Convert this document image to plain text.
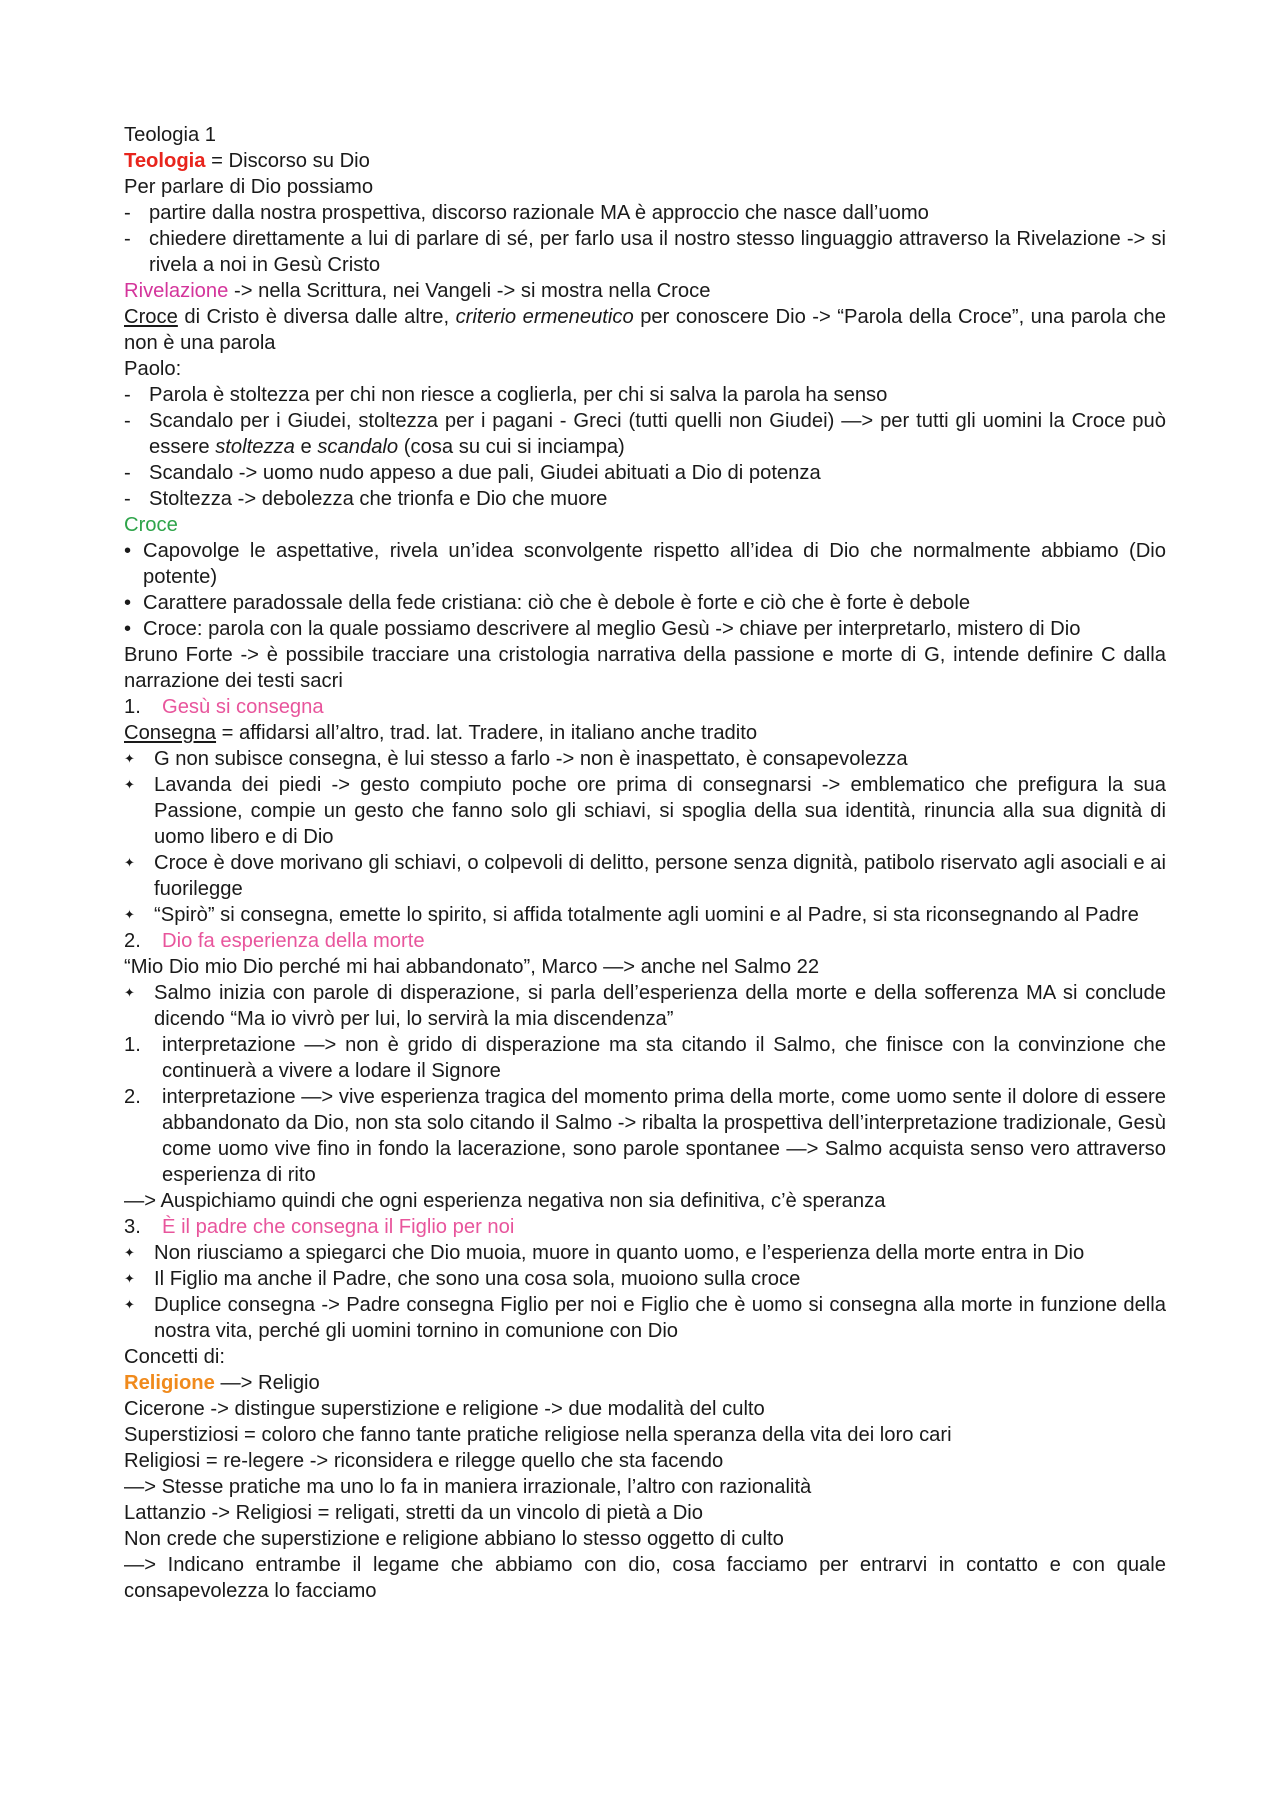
Teologia 1

Teologia = Discorso su Dio

Per parlare di Dio possiamo

- partire dalla nostra prospettiva, discorso razionale MA è approccio che nasce dall’uomo
- chiedere direttamente a lui di parlare di sé, per farlo usa il nostro stesso linguaggio attraverso la Rivelazione -> si rivela a noi in Gesù Cristo

Rivelazione -> nella Scrittura, nei Vangeli -> si mostra nella Croce

Croce di Cristo è diversa dalle altre, criterio ermeneutico per conoscere Dio -> “Parola della Croce”, una parola che non è una parola

Paolo:

- Parola è stoltezza per chi non riesce a coglierla, per chi si salva la parola ha senso
- Scandalo per i Giudei, stoltezza per i pagani - Greci (tutti quelli non Giudei) —> per tutti gli uomini la Croce può essere stoltezza e scandalo (cosa su cui si inciampa)
- Scandalo -> uomo nudo appeso a due pali, Giudei abituati a Dio di potenza
- Stoltezza -> debolezza che trionfa e Dio che muore

Croce

• Capovolge le aspettative, rivela un’idea sconvolgente rispetto all’idea di Dio che normalmente abbiamo (Dio potente)
• Carattere paradossale della fede cristiana: ciò che è debole è forte e ciò che è forte è debole
• Croce: parola con la quale possiamo descrivere al meglio Gesù -> chiave per interpretarlo, mistero di Dio

Bruno Forte -> è possibile tracciare una cristologia narrativa della passione e morte di G, intende definire C dalla narrazione dei testi sacri

1. Gesù si consegna

Consegna = affidarsi all’altro, trad. lat. Tradere, in italiano anche tradito

✦ G non subisce consegna, è lui stesso a farlo -> non è inaspettato, è consapevolezza
✦ Lavanda dei piedi -> gesto compiuto poche ore prima di consegnarsi -> emblematico che prefigura la sua Passione, compie un gesto che fanno solo gli schiavi, si spoglia della sua identità, rinuncia alla sua dignità di uomo libero e di Dio
✦ Croce è dove morivano gli schiavi, o colpevoli di delitto, persone senza dignità, patibolo riservato agli asociali e ai fuorilegge
✦ “Spirò” si consegna, emette lo spirito, si affida totalmente agli uomini e al Padre, si sta riconsegnando al Padre
2. Dio fa esperienza della morte

“Mio Dio mio Dio perché mi hai abbandonato”, Marco —> anche nel Salmo 22

✦ Salmo inizia con parole di disperazione, si parla dell’esperienza della morte e della sofferenza MA si conclude dicendo “Ma io vivrò per lui, lo servirà la mia discendenza”
1. interpretazione —> non è grido di disperazione ma sta citando il Salmo, che finisce con la convinzione che continuerà a vivere a lodare il Signore
2. interpretazione —> vive esperienza tragica del momento prima della morte, come uomo sente il dolore di essere abbandonato da Dio, non sta solo citando il Salmo -> ribalta la prospettiva dell’interpretazione tradizionale, Gesù come uomo vive fino in fondo la lacerazione, sono parole spontanee —> Salmo acquista senso vero attraverso esperienza di rito

—> Auspichiamo quindi che ogni esperienza negativa non sia definitiva, c’è speranza

3. È il padre che consegna il Figlio per noi
✦ Non riusciamo a spiegarci che Dio muoia, muore in quanto uomo, e l’esperienza della morte entra in Dio
✦ Il Figlio ma anche il Padre, che sono una cosa sola, muoiono sulla croce
✦ Duplice consegna -> Padre consegna Figlio per noi e Figlio che è uomo si consegna alla morte in funzione della nostra vita, perché gli uomini tornino in comunione con Dio

Concetti di:

Religione —> Religio

Cicerone -> distingue superstizione e religione -> due modalità del culto

Superstiziosi = coloro che fanno tante pratiche religiose nella speranza della vita dei loro cari

Religiosi = re-legere -> riconsidera e rilegge quello che sta facendo

—> Stesse pratiche ma uno lo fa in maniera irrazionale, l’altro con razionalità

Lattanzio -> Religiosi = religati, stretti da un vincolo di pietà a Dio

Non crede che superstizione e religione abbiano lo stesso oggetto di culto

—> Indicano entrambe il legame che abbiamo con dio, cosa facciamo per entrarvi in contatto e con quale consapevolezza lo facciamo
